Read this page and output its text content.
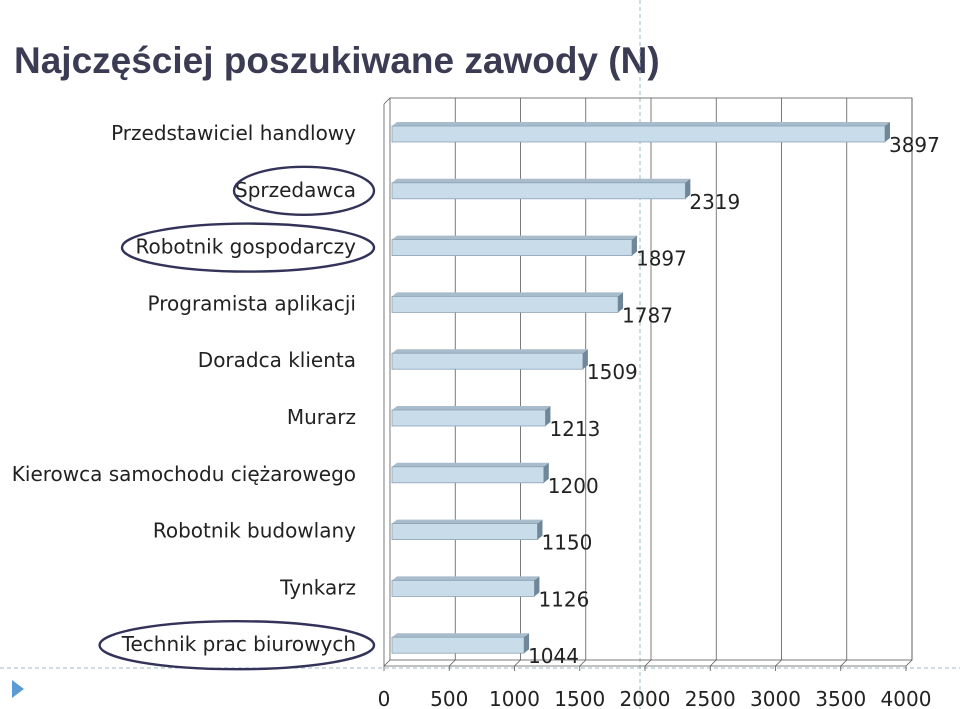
Najczęściej poszukiwane zawody (N)
Przedstawiciel handlowy
Sprzedawca
Robotnik gospodarczy
Programista aplikacji
Doradca klienta
Murarz
Kierowca samochodu ciężarowego
Robotnik budowlany
Tynkarz
Technik prac biurowych
3897
2319
1897
1787
1509
1213
1200
1150
1126
1044
0 500 1000 1500 2000 2500 3000 3500 4000
